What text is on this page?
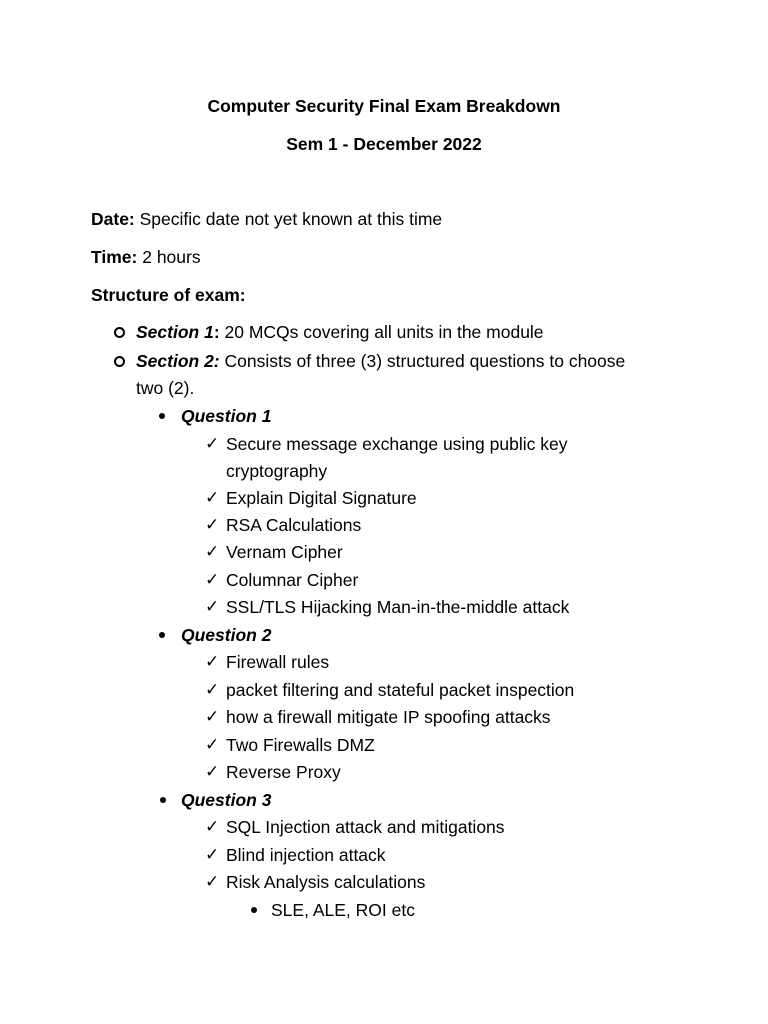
Computer Security Final Exam Breakdown
Sem 1 - December 2022
Date: Specific date not yet known at this time
Time: 2 hours
Structure of exam:
Section 1: 20 MCQs covering all units in the module
Section 2: Consists of three (3) structured questions to choose
two (2).
Question 1
✓ Secure message exchange using public key
cryptography
✓ Explain Digital Signature
✓ RSA Calculations
✓ Vernam Cipher
✓ Columnar Cipher
✓ SSL/TLS Hijacking Man-in-the-middle attack
Question 2
✓ Firewall rules
✓ packet filtering and stateful packet inspection
✓ how a firewall mitigate IP spoofing attacks
✓ Two Firewalls DMZ
✓ Reverse Proxy
Question 3
✓ SQL Injection attack and mitigations
✓ Blind injection attack
✓ Risk Analysis calculations
SLE, ALE, ROI etc
